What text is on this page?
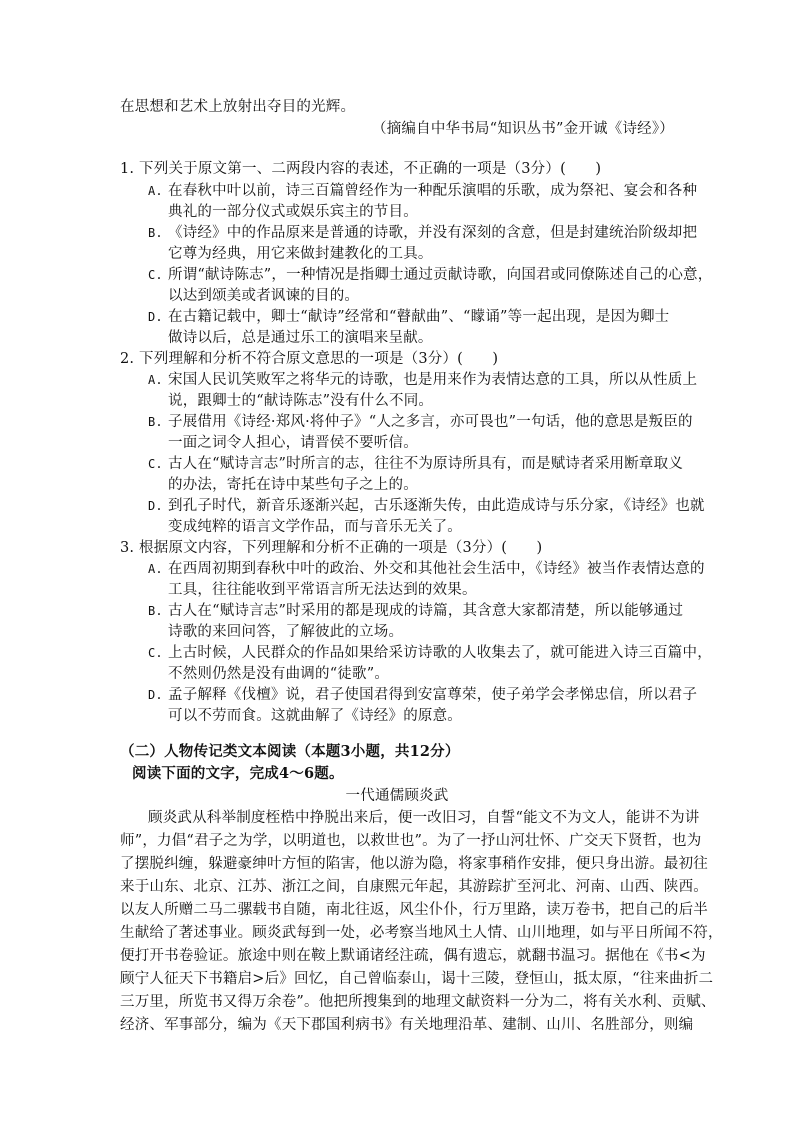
在思想和艺术上放射出夺目的光辉。
（摘编自中华书局“知识丛书”金开诚《诗经》）
1. 下列关于原文第一、二两段内容的表述，不正确的一项是（3分）(　　)
A. 在春秋中叶以前，诗三百篇曾经作为一种配乐演唱的乐歌，成为祭祀、宴会和各种
典礼的一部分仪式或娱乐宾主的节目。
B. 《诗经》中的作品原来是普通的诗歌，并没有深刻的含意，但是封建统治阶级却把
它尊为经典，用它来做封建教化的工具。
C. 所谓“献诗陈志”，一种情况是指卿士通过贡献诗歌，向国君或同僚陈述自己的心意，
以达到颂美或者讽谏的目的。
D. 在古籍记载中，卿士“献诗”经常和“瞽献曲”、“矇诵”等一起出现，是因为卿士
做诗以后，总是通过乐工的演唱来呈献。
2. 下列理解和分析不符合原文意思的一项是（3分）(　　)
A. 宋国人民讥笑败军之将华元的诗歌，也是用来作为表情达意的工具，所以从性质上
说，跟卿士的“献诗陈志”没有什么不同。
B. 子展借用《诗经·郑风·将仲子》“人之多言，亦可畏也”一句话，他的意思是叛臣的
一面之词令人担心，请晋侯不要听信。
C. 古人在“赋诗言志”时所言的志，往往不为原诗所具有，而是赋诗者采用断章取义
的办法，寄托在诗中某些句子之上的。
D. 到孔子时代，新音乐逐渐兴起，古乐逐渐失传，由此造成诗与乐分家，《诗经》也就
变成纯粹的语言文学作品，而与音乐无关了。
3. 根据原文内容，下列理解和分析不正确的一项是（3分）(　　)
A. 在西周初期到春秋中叶的政治、外交和其他社会生活中，《诗经》被当作表情达意的
工具，往往能收到平常语言所无法达到的效果。
B. 古人在“赋诗言志”时采用的都是现成的诗篇，其含意大家都清楚，所以能够通过
诗歌的来回问答，了解彼此的立场。
C. 上古时候，人民群众的作品如果给采访诗歌的人收集去了，就可能进入诗三百篇中，
不然则仍然是没有曲调的“徒歌”。
D. 孟子解释《伐檀》说，君子使国君得到安富尊荣，使子弟学会孝悌忠信，所以君子
可以不劳而食。这就曲解了《诗经》的原意。
（二）人物传记类文本阅读（本题3小题，共12分）
阅读下面的文字，完成4～6题。
一代通儒顾炎武
顾炎武从科举制度桎梏中挣脱出来后，便一改旧习，自誓“能文不为文人，能讲不为讲
师”，力倡“君子之为学，以明道也，以救世也”。为了一抒山河壮怀、广交天下贤哲，也为
了摆脱纠缠，躲避豪绅叶方恒的陷害，他以游为隐，将家事稍作安排，便只身出游。最初往
来于山东、北京、江苏、浙江之间，自康熙元年起，其游踪扩至河北、河南、山西、陕西。
以友人所赠二马二骡载书自随，南北往返，风尘仆仆，行万里路，读万卷书，把自己的后半
生献给了著述事业。顾炎武每到一处，必考察当地风土人情、山川地理，如与平日所闻不符，
便打开书卷验证。旅途中则在鞍上默诵诸经注疏，偶有遗忘，就翻书温习。据他在《书<为
顾宁人征天下书籍启>后》回忆，自己曾临泰山，谒十三陵，登恒山，抵太原，“往来曲折二
三万里，所览书又得万余卷”。他把所搜集到的地理文献资料一分为二，将有关水利、贡赋、
经济、军事部分，编为《天下郡国利病书》有关地理沿革、建制、山川、名胜部分，则编
